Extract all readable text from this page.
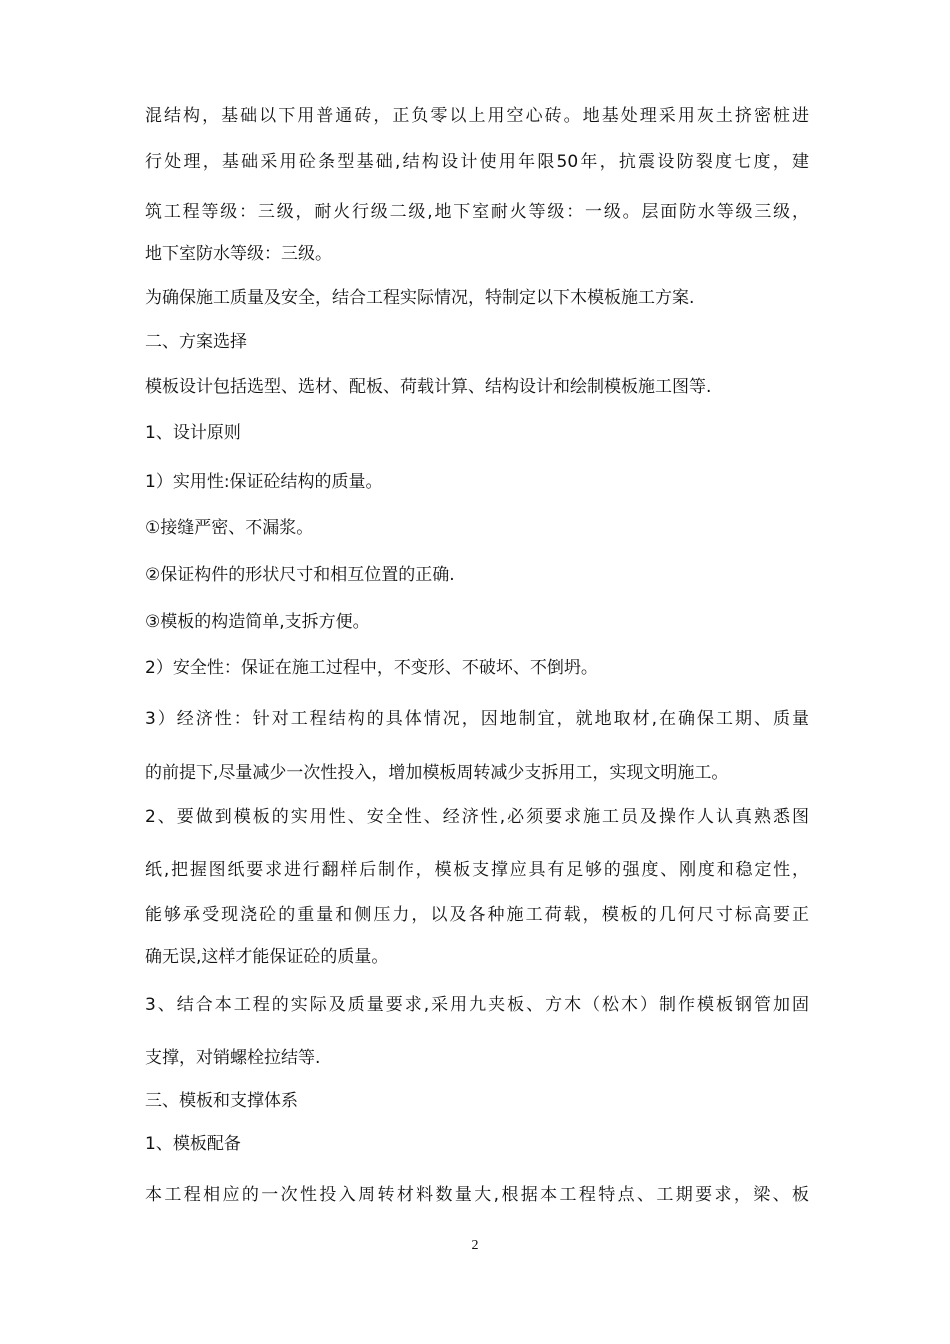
混结构，基础以下用普通砖，正负零以上用空心砖。地基处理采用灰土挤密桩进
行处理，基础采用砼条型基础,结构设计使用年限50年，抗震设防裂度七度，建
筑工程等级：三级，耐火行级二级,地下室耐火等级：一级。层面防水等级三级，
地下室防水等级：三级。
为确保施工质量及安全，结合工程实际情况，特制定以下木模板施工方案.
二、方案选择
模板设计包括选型、选材、配板、荷载计算、结构设计和绘制模板施工图等.
1、设计原则
1）实用性:保证砼结构的质量。
①接缝严密、不漏浆。
②保证构件的形状尺寸和相互位置的正确.
③模板的构造简单,支拆方便。
2）安全性：保证在施工过程中，不变形、不破坏、不倒坍。
3）经济性：针对工程结构的具体情况，因地制宜，就地取材,在确保工期、质量
的前提下,尽量减少一次性投入，增加模板周转减少支拆用工，实现文明施工。
2、要做到模板的实用性、安全性、经济性,必须要求施工员及操作人认真熟悉图
纸,把握图纸要求进行翻样后制作，模板支撑应具有足够的强度、刚度和稳定性，
能够承受现浇砼的重量和侧压力，以及各种施工荷载，模板的几何尺寸标高要正
确无误,这样才能保证砼的质量。
3、结合本工程的实际及质量要求,采用九夹板、方木（松木）制作模板钢管加固
支撑，对销螺栓拉结等.
三、模板和支撑体系
1、模板配备
本工程相应的一次性投入周转材料数量大,根据本工程特点、工期要求，梁、板
2
